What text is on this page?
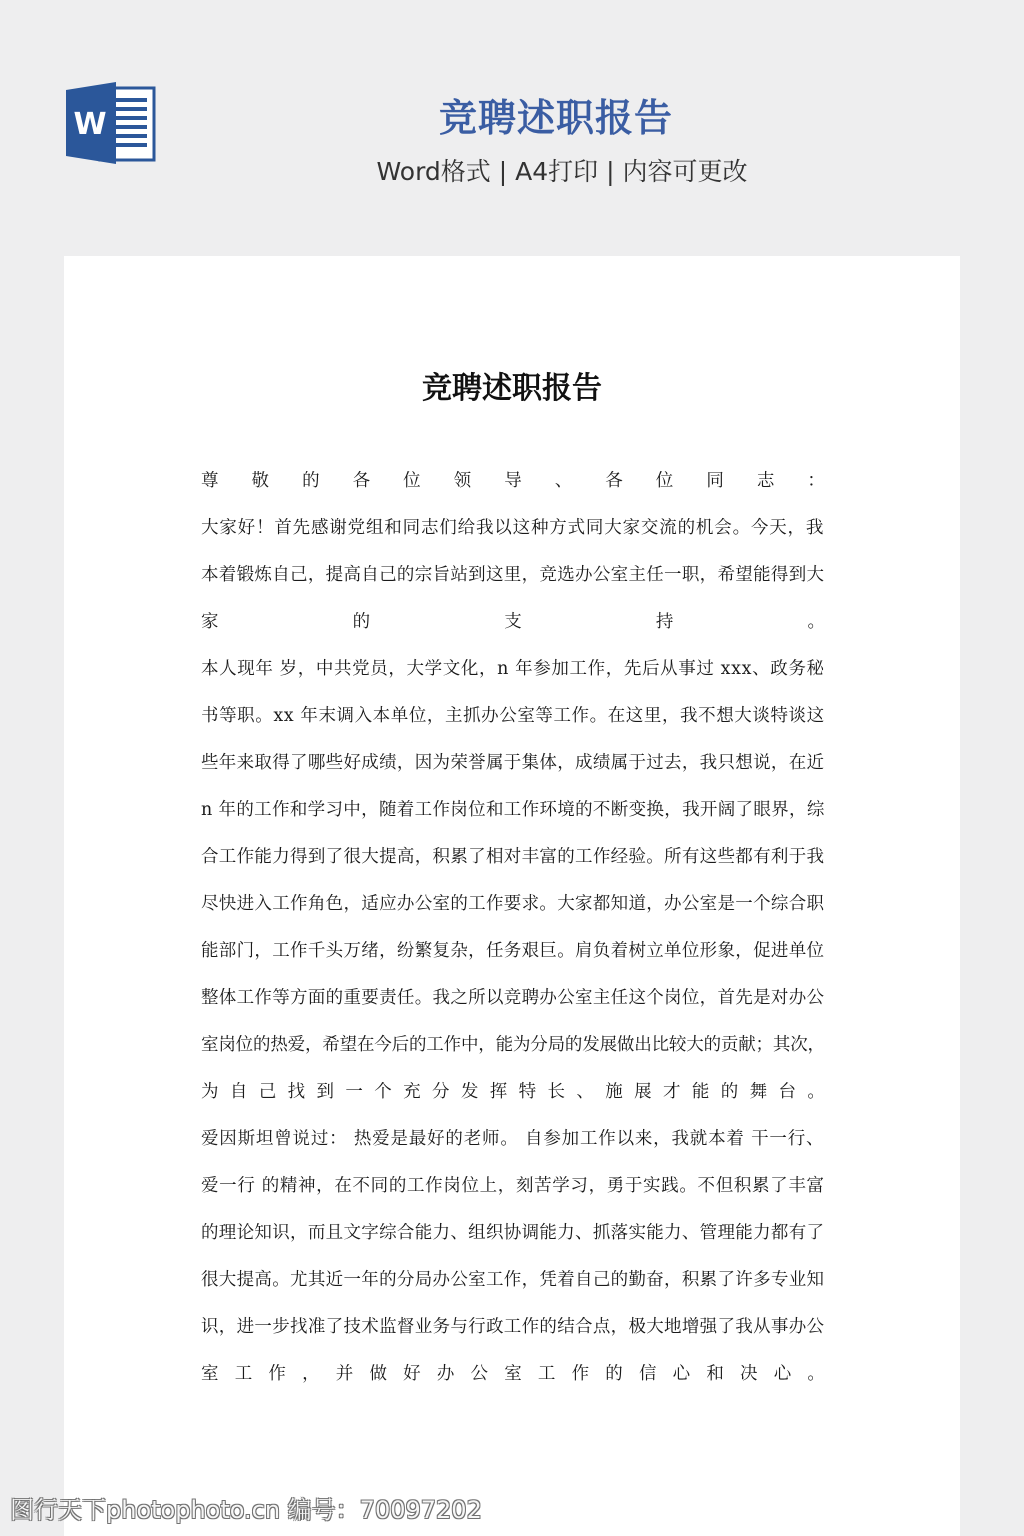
W	竞聘述职报告
Word格式 | A4打印 | 内容可更改
竞聘述职报告
尊 敬 的 各 位 领 导 、 各 位 同 志 ：
大家好！首先感谢党组和同志们给我以这种方式同大家交流的机会。今天，我
本着锻炼自己，提高自己的宗旨站到这里，竞选办公室主任一职，希望能得到大
家	的	支	持	。
本人现年 岁，中共党员，大学文化，n 年参加工作，先后从事过 xxx、政务秘
书等职。xx 年末调入本单位，主抓办公室等工作。在这里，我不想大谈特谈这
些年来取得了哪些好成绩，因为荣誉属于集体，成绩属于过去，我只想说，在近
n 年的工作和学习中，随着工作岗位和工作环境的不断变换，我开阔了眼界，综
合工作能力得到了很大提高，积累了相对丰富的工作经验。所有这些都有利于我
尽快进入工作角色，适应办公室的工作要求。大家都知道，办公室是一个综合职
能部门，工作千头万绪，纷繁复杂，任务艰巨。肩负着树立单位形象，促进单位
整体工作等方面的重要责任。我之所以竞聘办公室主任这个岗位，首先是对办公
室岗位的热爱，希望在今后的工作中，能为分局的发展做出比较大的贡献；其次，
为 自 己 找 到 一 个 充 分 发 挥 特 长 、 施 展 才 能 的 舞 台 。
爱因斯坦曾说过： 热爱是最好的老师。 自参加工作以来，我就本着 干一行、
爱一行 的精神，在不同的工作岗位上，刻苦学习，勇于实践。不但积累了丰富
的理论知识，而且文字综合能力、组织协调能力、抓落实能力、管理能力都有了
很大提高。尤其近一年的分局办公室工作，凭着自己的勤奋，积累了许多专业知
识，进一步找准了技术监督业务与行政工作的结合点，极大地增强了我从事办公
室 工 作 ， 并 做 好 办 公 室 工 作 的 信 心 和 决 心 。
图行天下photophoto.cn 编号：70097202
